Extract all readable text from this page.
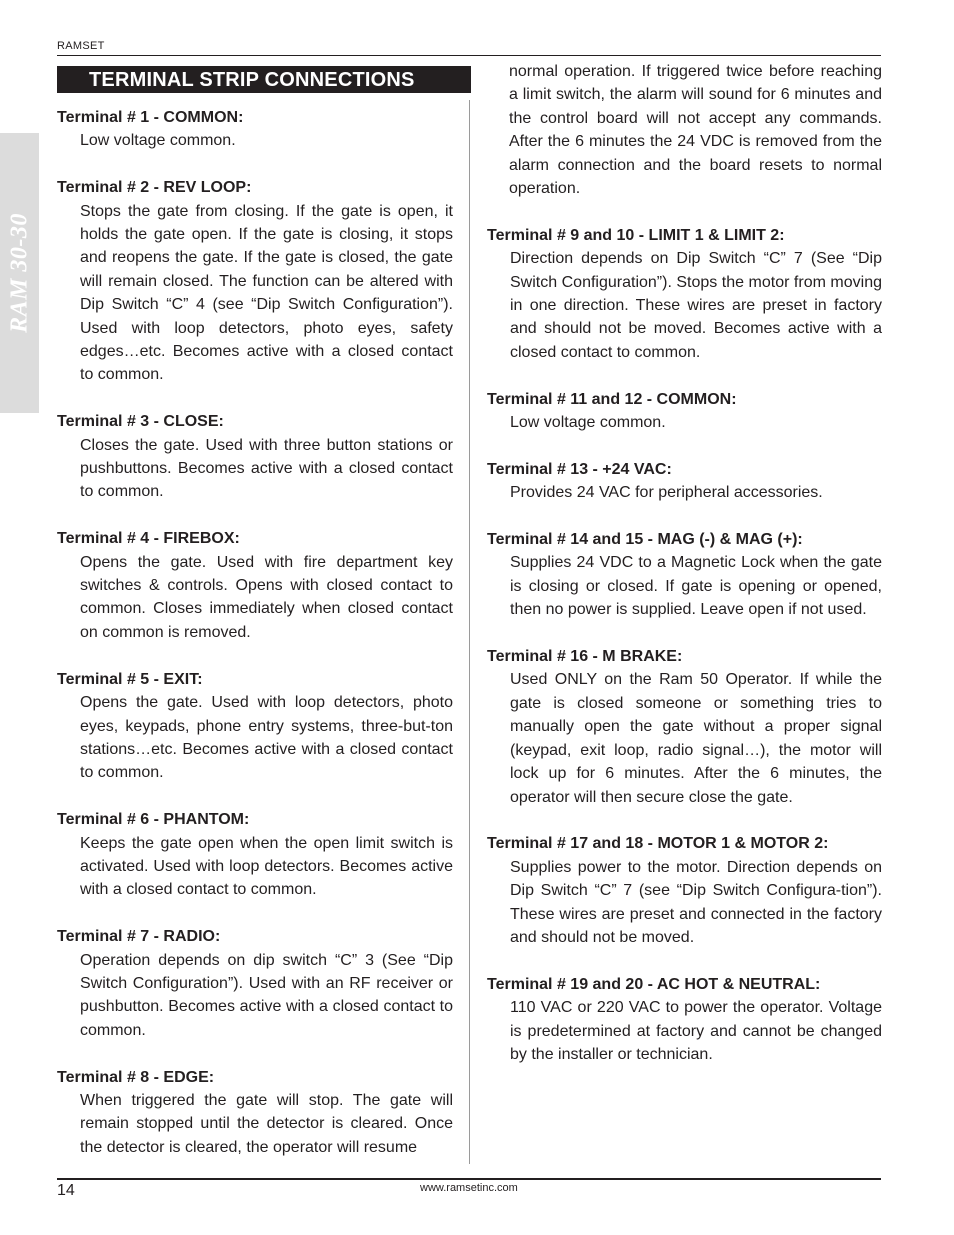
RAMSET
RAM 30-30
TERMINAL STRIP CONNECTIONS
Terminal # 1 - COMMON:

Low voltage common.

Terminal # 2 - REV LOOP:

Stops the gate from closing. If the gate is open, it holds the gate open. If the gate is closing, it stops and reopens the gate. If the gate is closed, the gate will remain closed. The function can be altered with Dip Switch “C” 4 (see “Dip Switch Configuration”). Used with loop detectors, photo eyes, safety edges…etc. Becomes active with a closed contact to common.

Terminal # 3 - CLOSE:

Closes the gate. Used with three button stations or pushbuttons. Becomes active with a closed contact to common.

Terminal # 4 - FIREBOX:

Opens the gate. Used with fire department key switches & controls. Opens with closed contact to common. Closes immediately when closed contact on common is removed.

Terminal # 5 - EXIT:

Opens the gate. Used with loop detectors, photo eyes, keypads, phone entry systems, three-but-ton stations…etc. Becomes active with a closed contact to common.

Terminal # 6 - PHANTOM:

Keeps the gate open when the open limit switch is activated. Used with loop detectors. Becomes active with a closed contact to common.

Terminal # 7 - RADIO:

Operation depends on dip switch “C” 3 (See “Dip Switch Configuration”). Used with an RF receiver or pushbutton. Becomes active with a closed contact to common.

Terminal # 8 - EDGE:

When triggered the gate will stop. The gate will remain stopped until the detector is cleared. Once the detector is cleared, the operator will resume

normal operation. If triggered twice before reaching a limit switch, the alarm will sound for 6 minutes and the control board will not accept any commands. After the 6 minutes the 24 VDC is removed from the alarm connection and the board resets to normal operation.

Terminal # 9 and 10 - LIMIT 1 & LIMIT 2:

Direction depends on Dip Switch “C” 7 (See “Dip Switch Configuration”). Stops the motor from moving in one direction. These wires are preset in factory and should not be moved. Becomes active with a closed contact to common.

Terminal # 11 and 12 - COMMON:

Low voltage common.

Terminal # 13 - +24 VAC:

Provides 24 VAC for peripheral accessories.

Terminal # 14 and 15 - MAG (-) & MAG (+):

Supplies 24 VDC to a Magnetic Lock when the gate is closing or closed. If gate is opening or opened, then no power is supplied. Leave open if not used.

Terminal # 16 - M BRAKE:

Used ONLY on the Ram 50 Operator. If while the gate is closed someone or something tries to manually open the gate without a proper signal (keypad, exit loop, radio signal…), the motor will lock up for 6 minutes. After the 6 minutes, the operator will then secure close the gate.

Terminal # 17 and 18 - MOTOR 1 & MOTOR 2:

Supplies power to the motor. Direction depends on Dip Switch “C” 7 (see “Dip Switch Configura-tion”). These wires are preset and connected in the factory and should not be moved.

Terminal # 19 and 20 - AC HOT & NEUTRAL:

110 VAC or 220 VAC to power the operator. Voltage is predetermined at factory and cannot be changed by the installer or technician.

14	www.ramsetinc.com
